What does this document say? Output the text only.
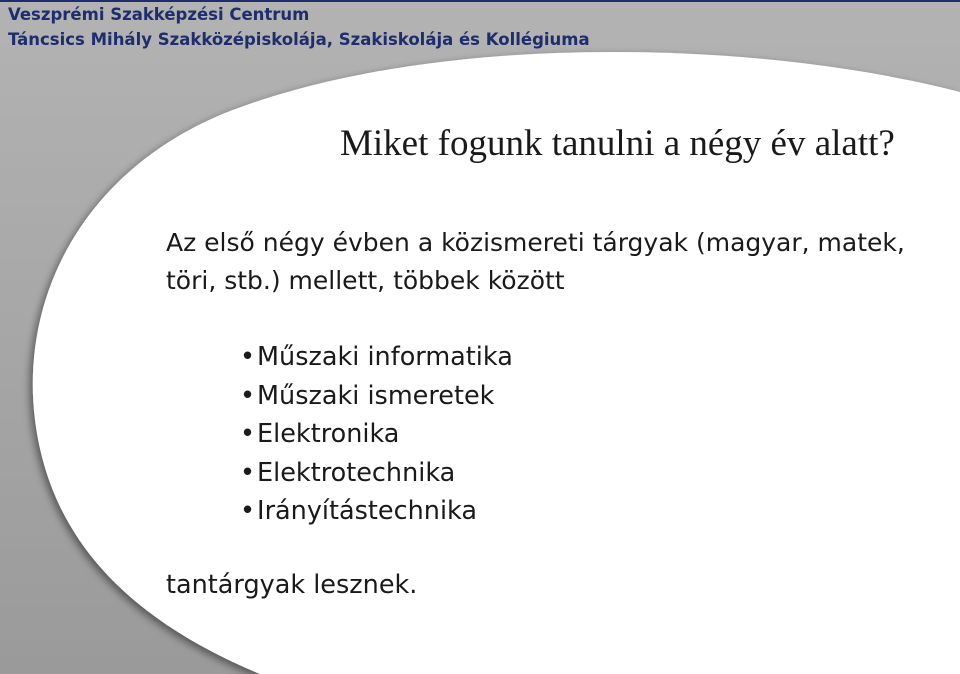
Veszprémi Szakképzési Centrum
Táncsics Mihály Szakközépiskolája, Szakiskolája és Kollégiuma
Miket fogunk tanulni a négy év alatt?
Az első négy évben a közismereti tárgyak (magyar, matek, töri, stb.) mellett, többek között
•Műszaki informatika
•Műszaki ismeretek
•Elektronika
•Elektrotechnika
•Irányítástechnika
tantárgyak lesznek.
